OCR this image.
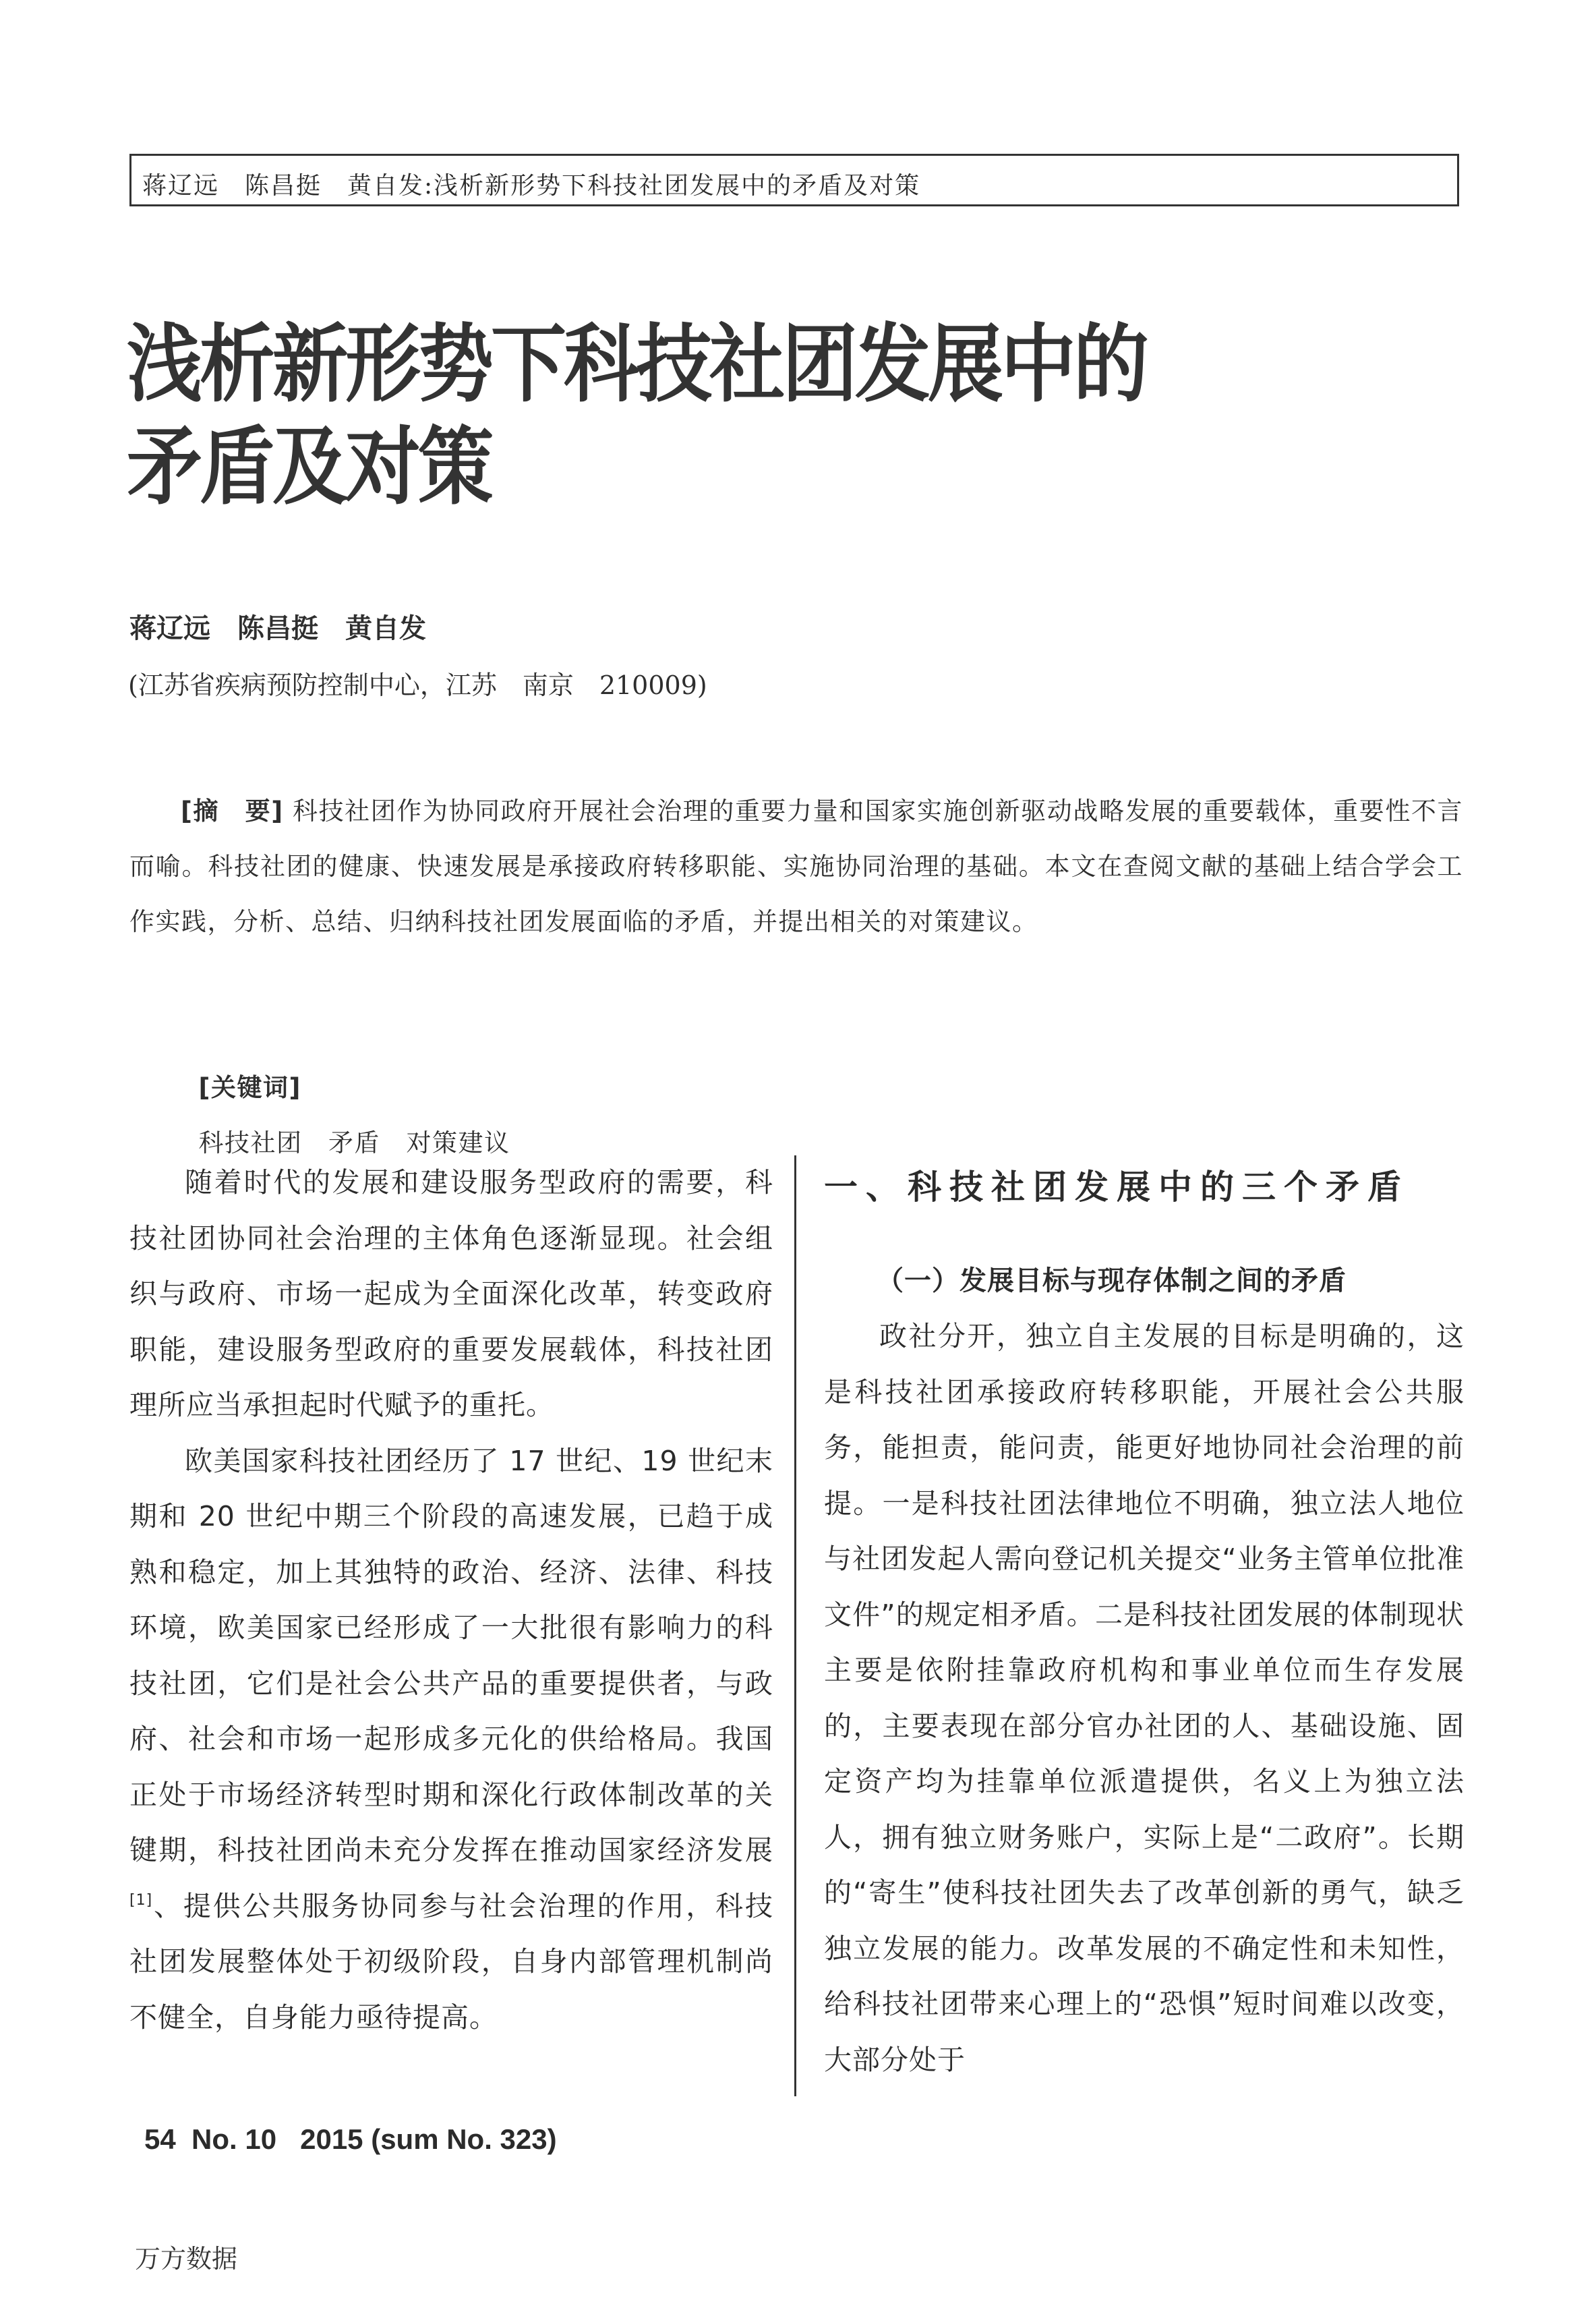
蒋辽远　陈昌挺　黄自发:浅析新形势下科技社团发展中的矛盾及对策
浅析新形势下科技社团发展中的
矛盾及对策
蒋辽远　陈昌挺　黄自发
(江苏省疾病预防控制中心，江苏　南京　210009)
[摘　要] 科技社团作为协同政府开展社会治理的重要力量和国家实施创新驱动战略发展的重要载体，重要性不言而喻。科技社团的健康、快速发展是承接政府转移职能、实施协同治理的基础。本文在查阅文献的基础上结合学会工作实践，分析、总结、归纳科技社团发展面临的矛盾，并提出相关的对策建议。

[关键词]
科技社团　矛盾　对策建议

随着时代的发展和建设服务型政府的需要，科技社团协同社会治理的主体角色逐渐显现。社会组织与政府、市场一起成为全面深化改革，转变政府职能，建设服务型政府的重要发展载体，科技社团理所应当承担起时代赋予的重托。

欧美国家科技社团经历了 17 世纪、19 世纪末期和 20 世纪中期三个阶段的高速发展，已趋于成熟和稳定，加上其独特的政治、经济、法律、科技环境，欧美国家已经形成了一大批很有影响力的科技社团，它们是社会公共产品的重要提供者，与政府、社会和市场一起形成多元化的供给格局。我国正处于市场经济转型时期和深化行政体制改革的关键期，科技社团尚未充分发挥在推动国家经济发展[1]、提供公共服务协同参与社会治理的作用，科技社团发展整体处于初级阶段，自身内部管理机制尚不健全，自身能力亟待提高。

一、科技社团发展中的三个矛盾
（一）发展目标与现存体制之间的矛盾

政社分开，独立自主发展的目标是明确的，这是科技社团承接政府转移职能，开展社会公共服务，能担责，能问责，能更好地协同社会治理的前提。一是科技社团法律地位不明确，独立法人地位与社团发起人需向登记机关提交“业务主管单位批准文件”的规定相矛盾。二是科技社团发展的体制现状主要是依附挂靠政府机构和事业单位而生存发展的，主要表现在部分官办社团的人、基础设施、固定资产均为挂靠单位派遣提供，名义上为独立法人，拥有独立财务账户，实际上是“二政府”。长期的“寄生”使科技社团失去了改革创新的勇气，缺乏独立发展的能力。改革发展的不确定性和未知性，给科技社团带来心理上的“恐惧”短时间难以改变，大部分处于

54  No. 10   2015 (sum No. 323)
万方数据
